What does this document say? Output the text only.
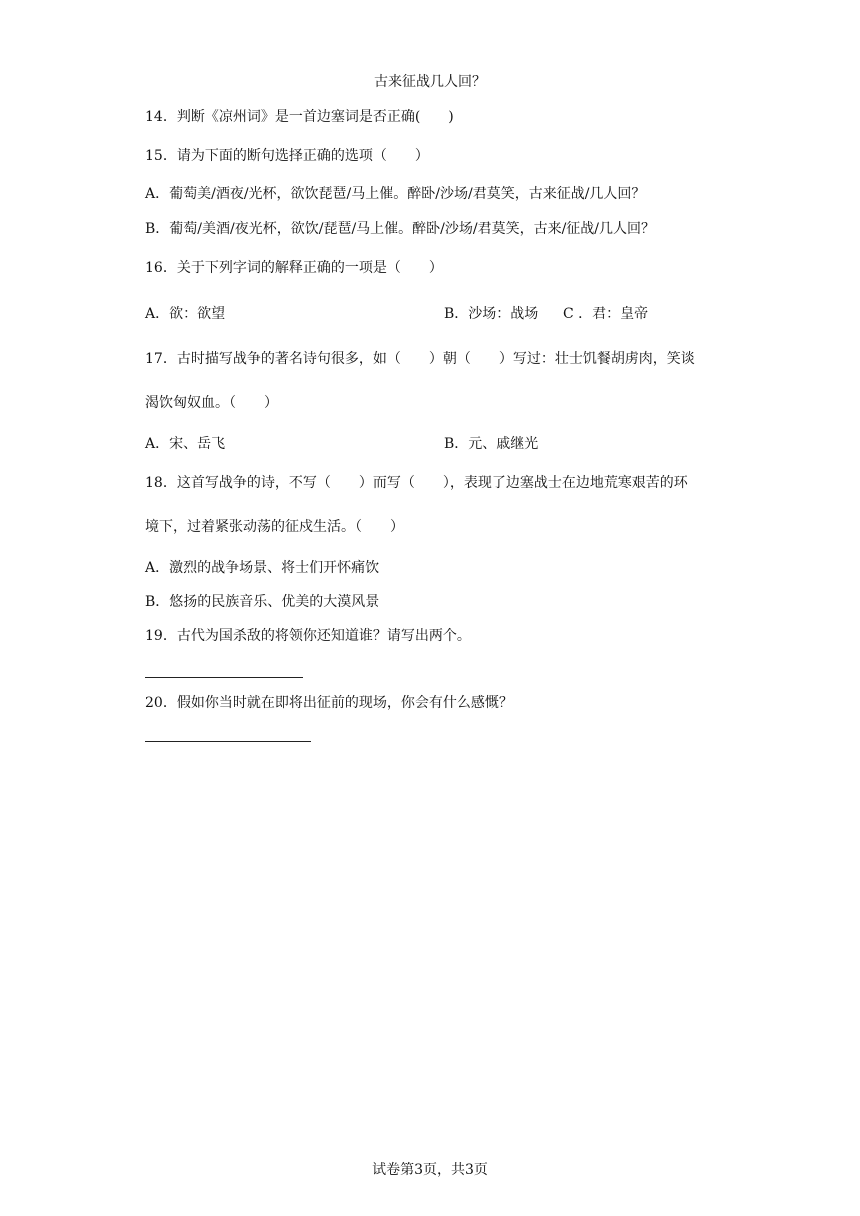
古来征战几人回？
14．判断《凉州词》是一首边塞词是否正确(　　)
15．请为下面的断句选择正确的选项（　　）
A．葡萄美/酒夜/光杯，欲饮琵琶/马上催。醉卧/沙场/君莫笑，古来征战/几人回？
B．葡萄/美酒/夜光杯，欲饮/琵琶/马上催。醉卧/沙场/君莫笑，古来/征战/几人回？
16．关于下列字词的解释正确的一项是（　　）
A．欲：欲望	B．沙场：战场 C ．君：皇帝
17．古时描写战争的著名诗句很多，如（　　）朝（　　）写过：壮士饥餐胡虏肉，笑谈
渴饮匈奴血。（　　）
A．宋、岳飞	B．元、戚继光
18．这首写战争的诗，不写（　　）而写（　　），表现了边塞战士在边地荒寒艰苦的环
境下，过着紧张动荡的征戍生活。（　　）
A．激烈的战争场景、将士们开怀痛饮
B．悠扬的民族音乐、优美的大漠风景
19．古代为国杀敌的将领你还知道谁？请写出两个。
20．假如你当时就在即将出征前的现场，你会有什么感慨？
试卷第3页，共3页
